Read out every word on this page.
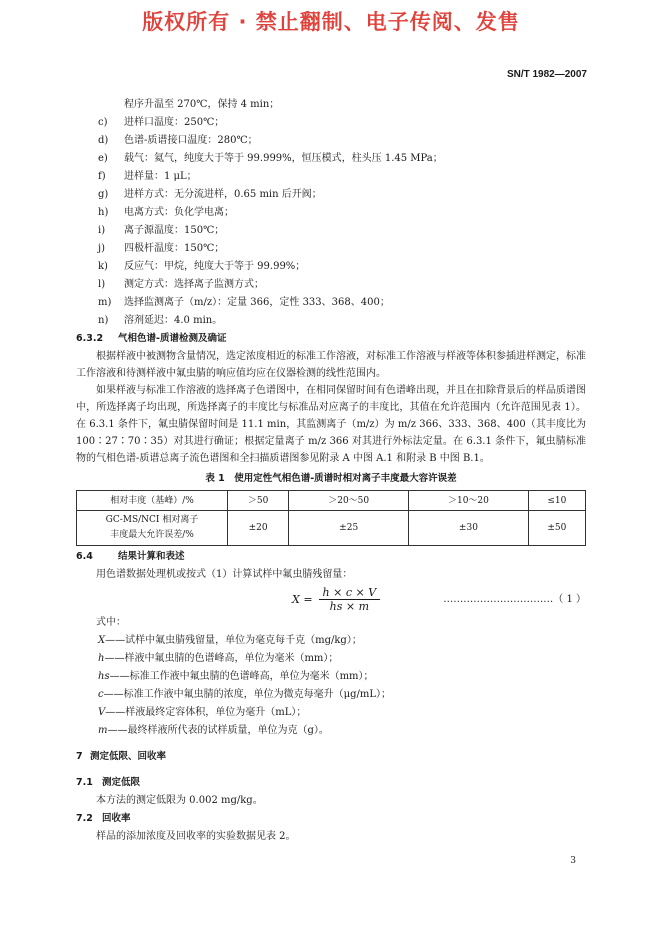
版权所有 · 禁止翻制、电子传阅、发售
SN/T 1982—2007
程序升温至 270℃，保持 4 min；
c)	进样口温度：250℃；
d)	色谱-质谱接口温度：280℃；
e)	载气：氦气，纯度大于等于 99.999%，恒压模式，柱头压 1.45 MPa；
f)	进样量：1 μL；
g)	进样方式：无分流进样，0.65 min 后开阀；
h)	电离方式：负化学电离；
i)	离子源温度：150℃；
j)	四极杆温度：150℃；
k)	反应气：甲烷，纯度大于等于 99.99%；
l)	测定方式：选择离子监测方式；
m)	选择监测离子（m/z）：定量 366，定性 333、368、400；
n)	溶剂延迟：4.0 min。
6.3.2 气相色谱-质谱检测及确证

根据样液中被测物含量情况，选定浓度相近的标准工作溶液，对标准工作溶液与样液等体积参插进样测定，标准工作溶液和待测样液中氟虫腈的响应值均应在仪器检测的线性范围内。

如果样液与标准工作溶液的选择离子色谱图中，在相同保留时间有色谱峰出现，并且在扣除背景后的样品质谱图中，所选择离子均出现，所选择离子的丰度比与标准品对应离子的丰度比，其值在允许范围内（允许范围见表 1）。在 6.3.1 条件下，氟虫腈保留时间是 11.1 min，其监测离子（m/z）为 m/z 366、333、368、400（其丰度比为 100∶27∶70∶35）对其进行确证；根据定量离子 m/z 366 对其进行外标法定量。在 6.3.1 条件下，氟虫腈标准物的气相色谱-质谱总离子流色谱图和全扫描质谱图参见附录 A 中图 A.1 和附录 B 中图 B.1。

表 1　使用定性气相色谱-质谱时相对离子丰度最大容许误差
相对丰度（基峰）/%	＞50	＞20～50	＞10～20	≤10

GC-MS/NCI 相对离子
丰度最大允许误差/%	±20	±25	±30	±50
6.4	结果计算和表述
用色谱数据处理机或按式（1）计算试样中氟虫腈残留量：
$X = \frac{h \times c \times V}{hs \times m}$	……………………………（ 1 ）
式中：
X——试样中氟虫腈残留量，单位为毫克每千克（mg/kg）；
h——样液中氟虫腈的色谱峰高，单位为毫米（mm）；
hs——标准工作液中氟虫腈的色谱峰高，单位为毫米（mm）；
c——标准工作液中氟虫腈的浓度，单位为微克每毫升（μg/mL）；
V——样液最终定容体积，单位为毫升（mL）；
m——最终样液所代表的试样质量，单位为克（g）。
7 测定低限、回收率
7.1 测定低限
本方法的测定低限为 0.002 mg/kg。
7.2 回收率
样品的添加浓度及回收率的实验数据见表 2。
3
